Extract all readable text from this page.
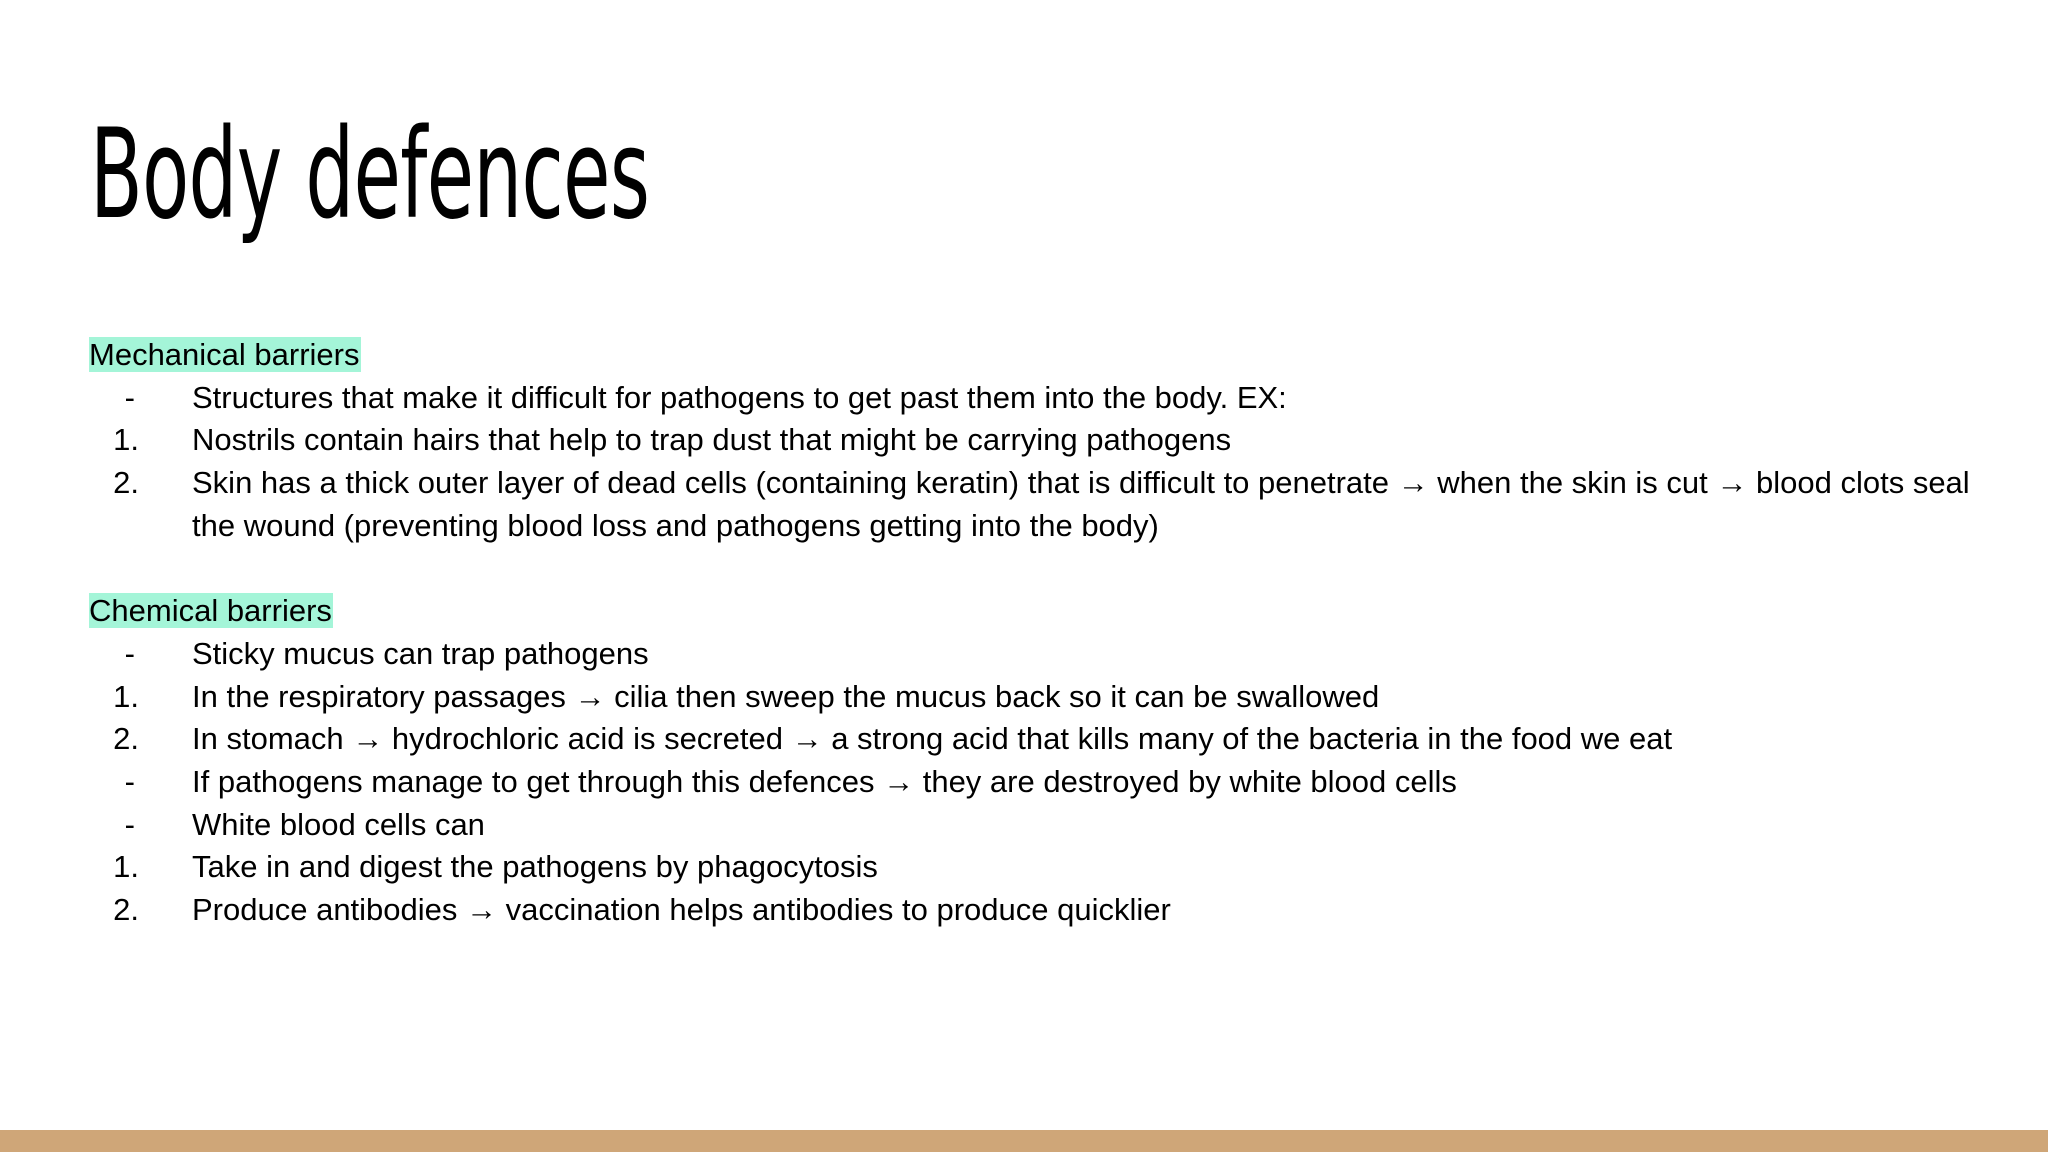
Body defences
Mechanical barriers
- Structures that make it difficult for pathogens to get past them into the body. EX:
1. Nostrils contain hairs that help to trap dust that might be carrying pathogens
2. Skin has a thick outer layer of dead cells (containing keratin) that is difficult to penetrate → when the skin is cut → blood clots seal the wound (preventing blood loss and pathogens getting into the body)
Chemical barriers
- Sticky mucus can trap pathogens
1. In the respiratory passages → cilia then sweep the mucus back so it can be swallowed
2. In stomach → hydrochloric acid is secreted → a strong acid that kills many of the bacteria in the food we eat
- If pathogens manage to get through this defences → they are destroyed by white blood cells
- White blood cells can
1. Take in and digest the pathogens by phagocytosis
2. Produce antibodies → vaccination helps antibodies to produce quicklier
